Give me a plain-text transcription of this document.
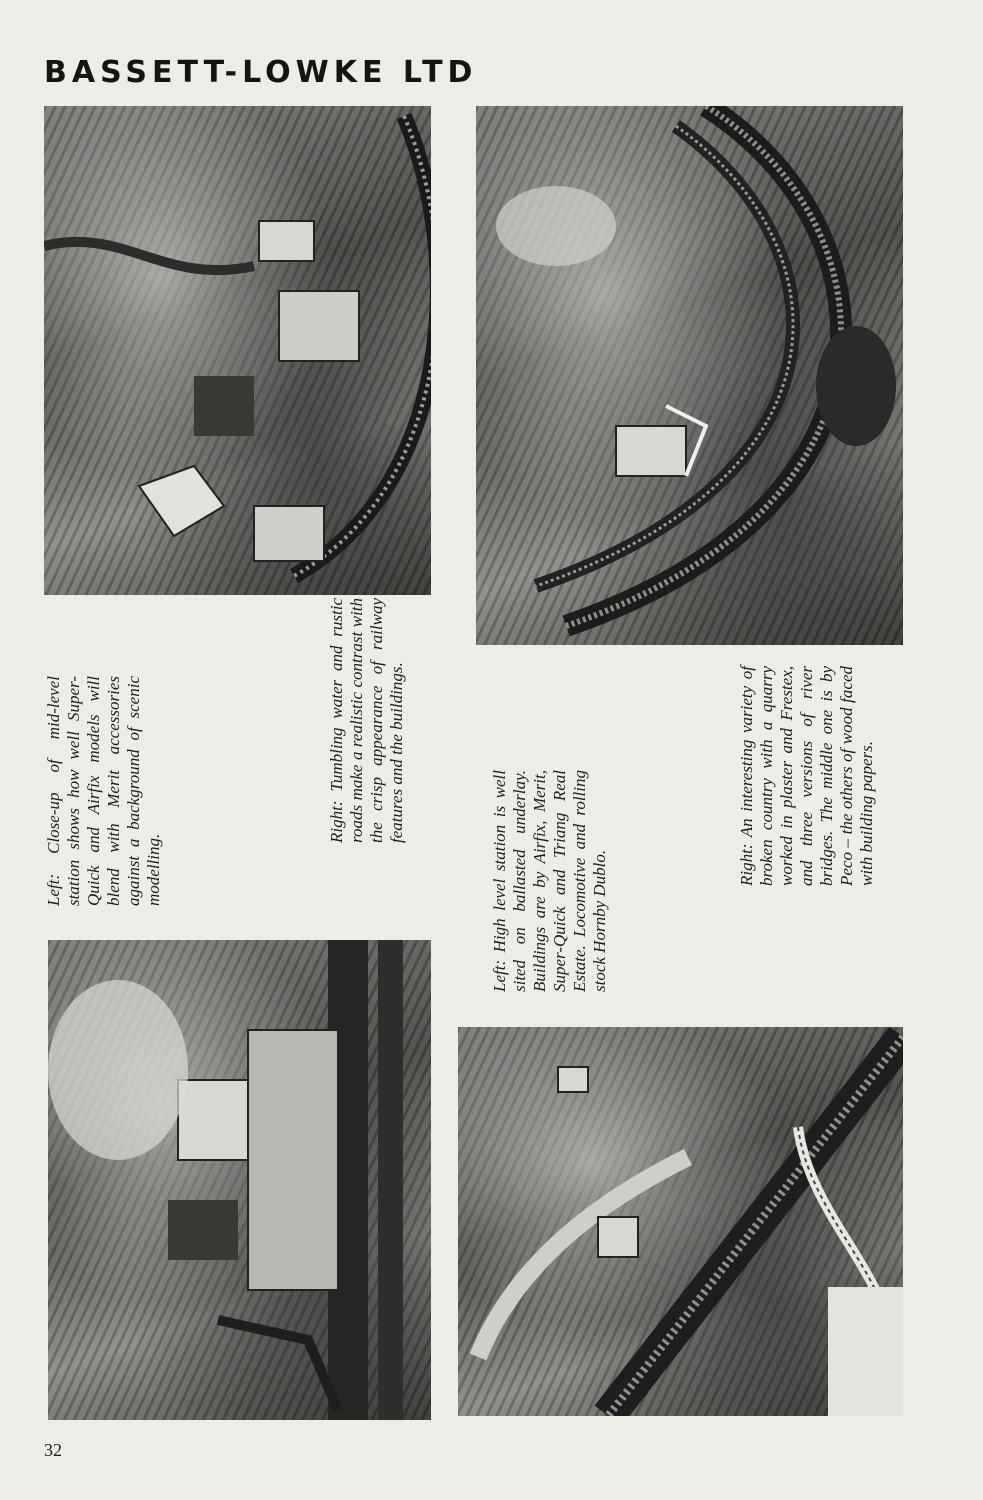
BASSETT-LOWKE LTD
Left: Close-up of mid-level station shows how well Super-Quick and Airfix models will blend with Merit accessories against a background of scenic modelling.
Right: Tumbling water and rustic roads make a realistic contrast with the crisp appearance of railway features and the buildings.
Left: High level station is well sited on ballasted underlay. Buildings are by Airfix, Merit, Super-Quick and Triang Real Estate. Locomotive and rolling stock Hornby Dublo.
Right: An interesting variety of broken country with a quarry worked in plaster and Frestex, and three versions of river bridges. The middle one is by Peco – the others of wood faced with building papers.
32
